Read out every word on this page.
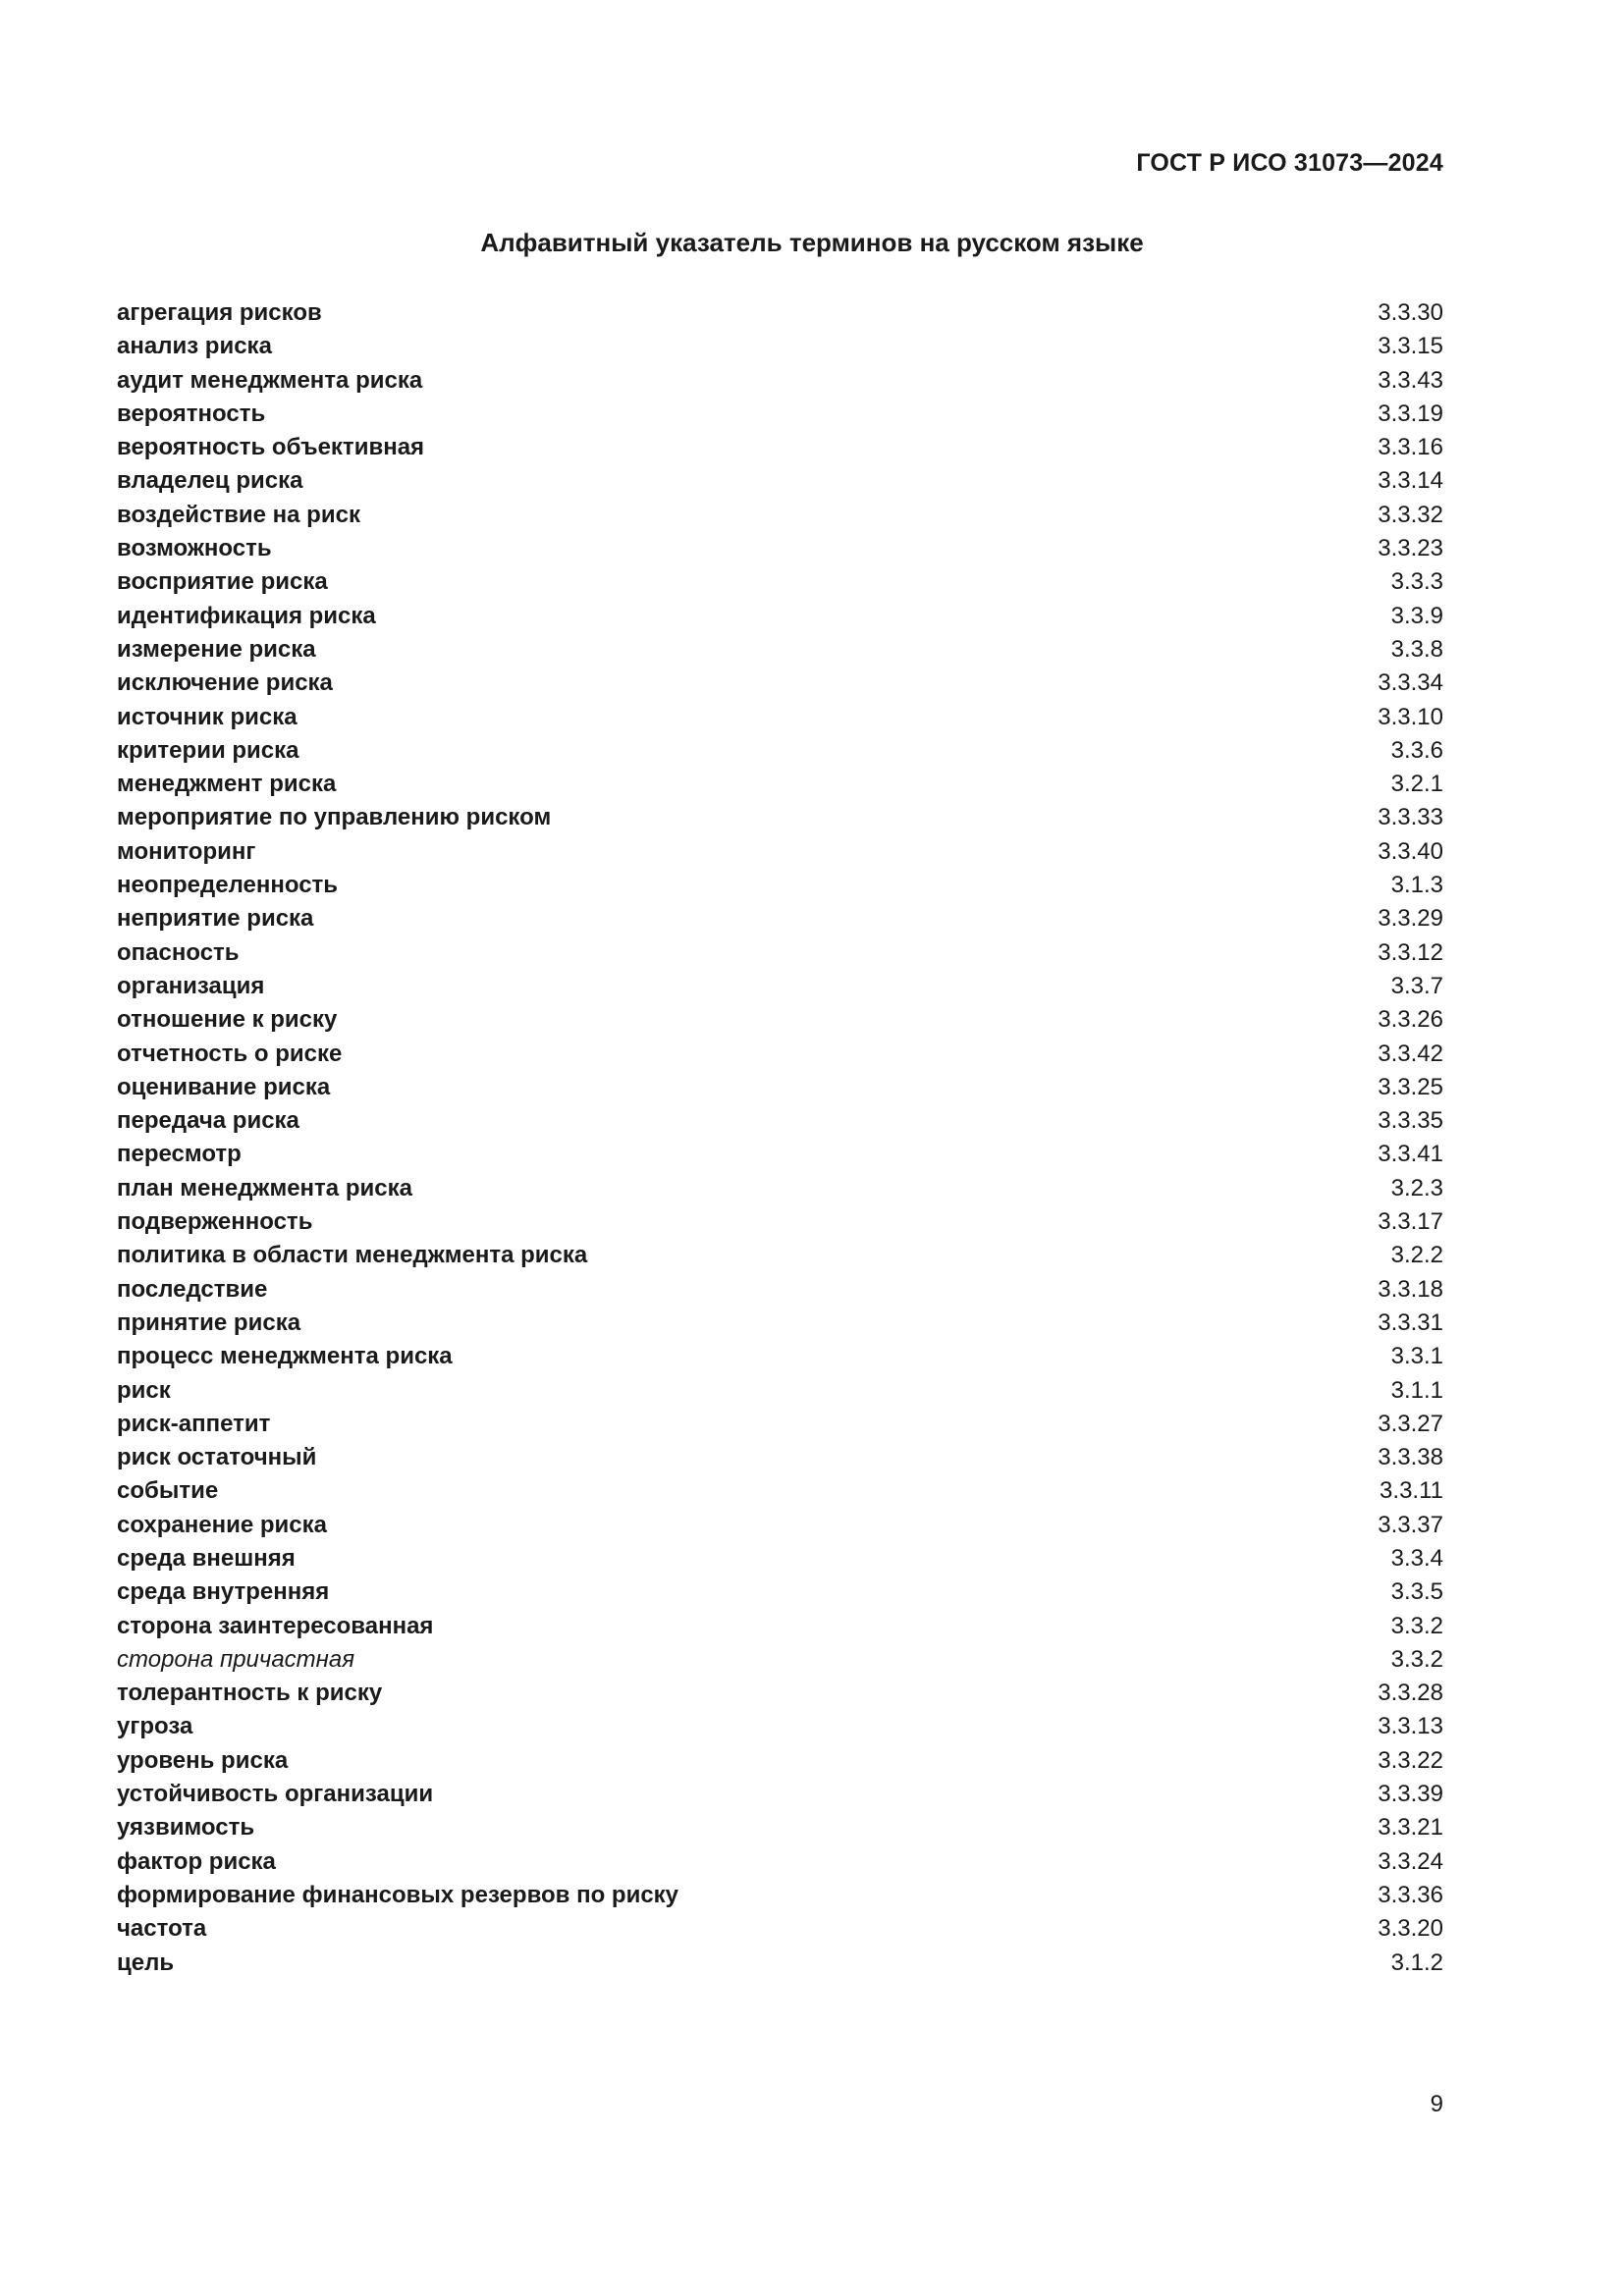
ГОСТ Р ИСО 31073—2024
Алфавитный указатель терминов на русском языке
агрегация рисков	3.3.30
анализ риска	3.3.15
аудит менеджмента риска	3.3.43
вероятность	3.3.19
вероятность объективная	3.3.16
владелец риска	3.3.14
воздействие на риск	3.3.32
возможность	3.3.23
восприятие риска	3.3.3
идентификация риска	3.3.9
измерение риска	3.3.8
исключение риска	3.3.34
источник риска	3.3.10
критерии риска	3.3.6
менеджмент риска	3.2.1
мероприятие по управлению риском	3.3.33
мониторинг	3.3.40
неопределенность	3.1.3
неприятие риска	3.3.29
опасность	3.3.12
организация	3.3.7
отношение к риску	3.3.26
отчетность о риске	3.3.42
оценивание риска	3.3.25
передача риска	3.3.35
пересмотр	3.3.41
план менеджмента риска	3.2.3
подверженность	3.3.17
политика в области менеджмента риска	3.2.2
последствие	3.3.18
принятие риска	3.3.31
процесс менеджмента риска	3.3.1
риск	3.1.1
риск-аппетит	3.3.27
риск остаточный	3.3.38
событие	3.3.11
сохранение риска	3.3.37
среда внешняя	3.3.4
среда внутренняя	3.3.5
сторона заинтересованная	3.3.2
сторона причастная	3.3.2
толерантность к риску	3.3.28
угроза	3.3.13
уровень риска	3.3.22
устойчивость организации	3.3.39
уязвимость	3.3.21
фактор риска	3.3.24
формирование финансовых резервов по риску	3.3.36
частота	3.3.20
цель	3.1.2
9
